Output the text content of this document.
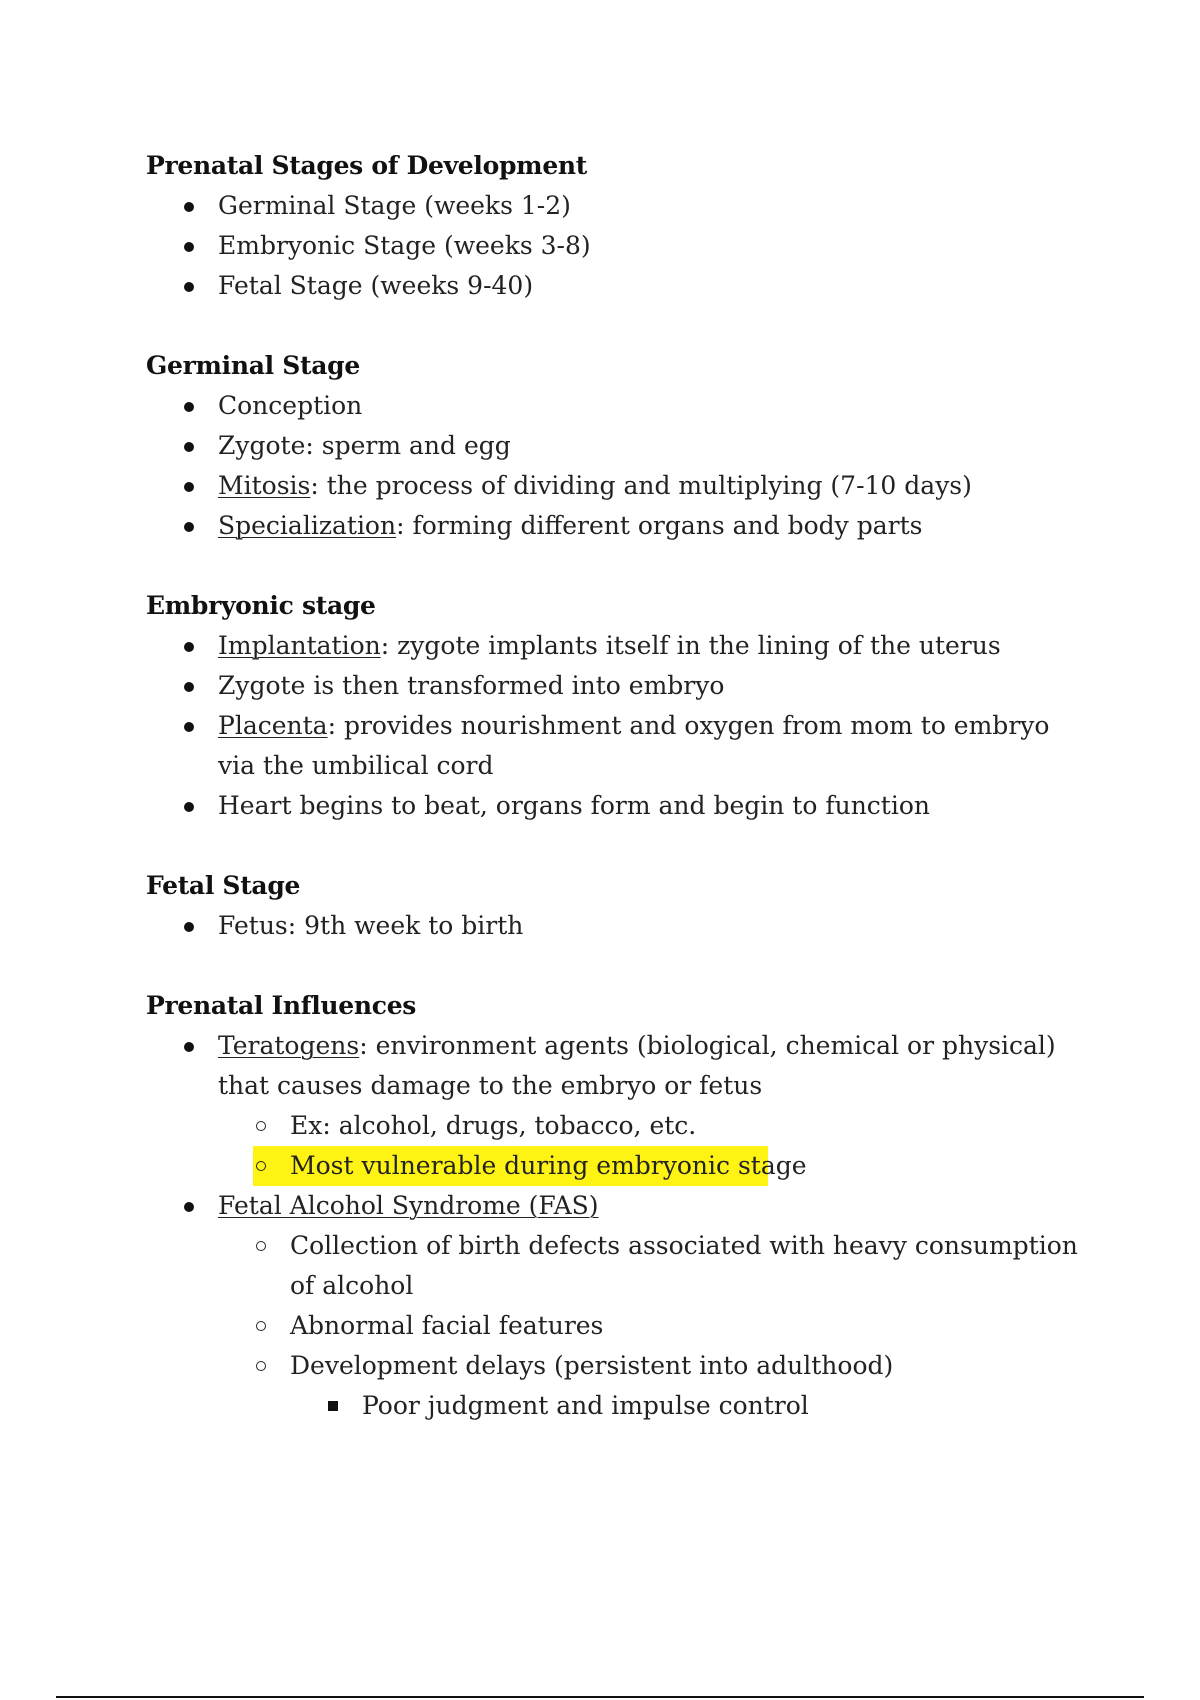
Prenatal Stages of Development
Germinal Stage (weeks 1-2)
Embryonic Stage (weeks 3-8)
Fetal Stage (weeks 9-40)
Germinal Stage
Conception
Zygote: sperm and egg
Mitosis: the process of dividing and multiplying (7-10 days)
Specialization: forming different organs and body parts
Embryonic stage
Implantation: zygote implants itself in the lining of the uterus
Zygote is then transformed into embryo
Placenta: provides nourishment and oxygen from mom to embryo via the umbilical cord
Heart begins to beat, organs form and begin to function
Fetal Stage
Fetus: 9th week to birth
Prenatal Influences
Teratogens: environment agents (biological, chemical or physical) that causes damage to the embryo or fetus
Ex: alcohol, drugs, tobacco, etc.
Most vulnerable during embryonic stage
Fetal Alcohol Syndrome (FAS)
Collection of birth defects associated with heavy consumption of alcohol
Abnormal facial features
Development delays (persistent into adulthood)
Poor judgment and impulse control
